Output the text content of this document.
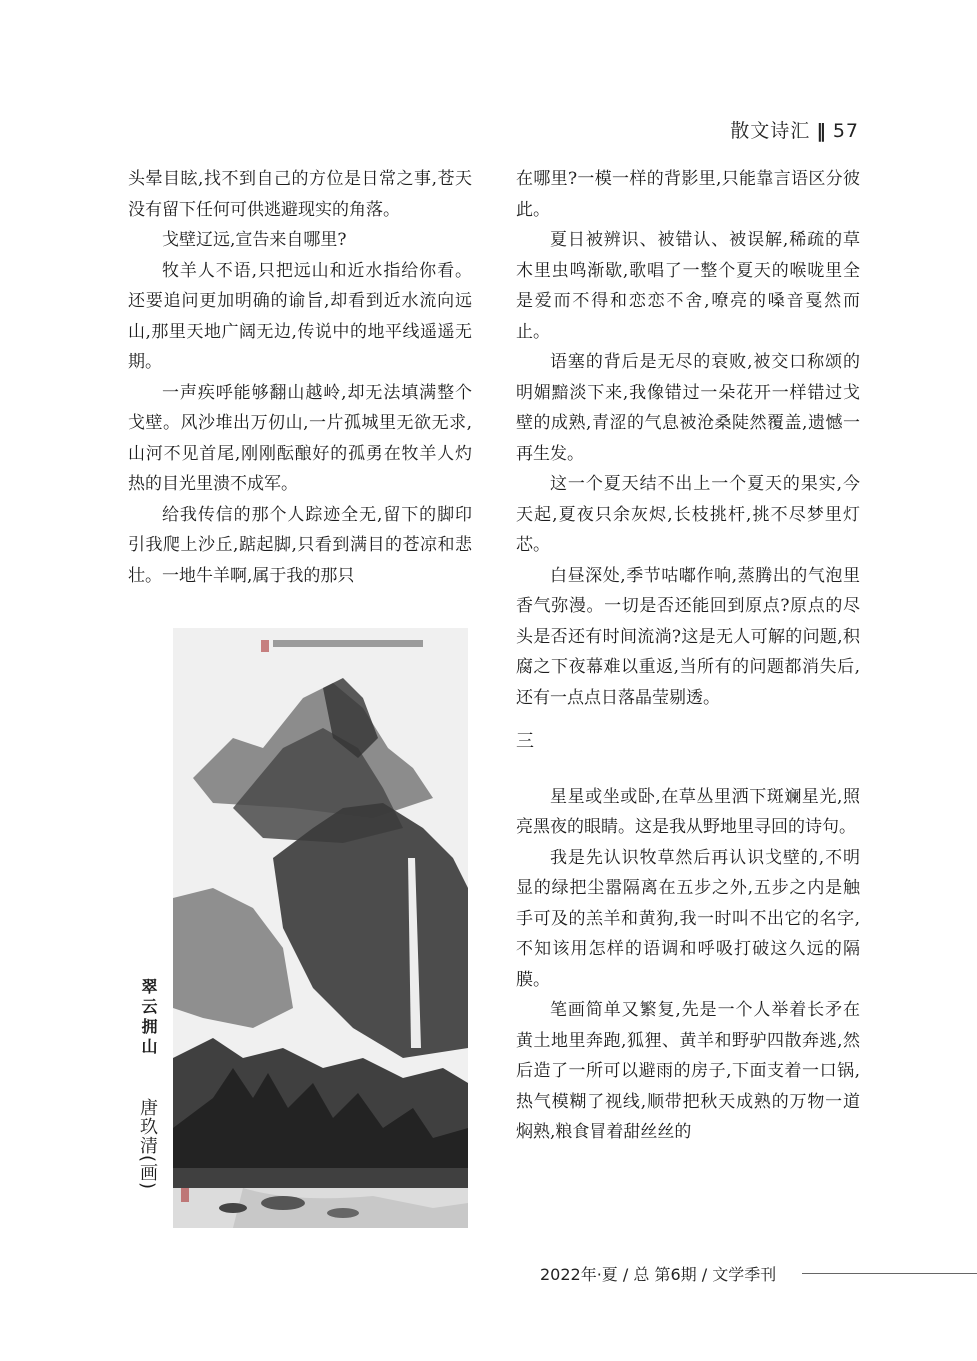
散文诗汇 ‖ 57

头晕目眩,找不到自己的方位是日常之事,苍天没有留下任何可供逃避现实的角落。

戈壁辽远,宣告来自哪里?

牧羊人不语,只把远山和近水指给你看。还要追问更加明确的谕旨,却看到近水流向远山,那里天地广阔无边,传说中的地平线遥遥无期。

一声疾呼能够翻山越岭,却无法填满整个戈壁。风沙堆出万仞山,一片孤城里无欲无求,山河不见首尾,刚刚酝酿好的孤勇在牧羊人灼热的目光里溃不成军。

给我传信的那个人踪迹全无,留下的脚印引我爬上沙丘,踮起脚,只看到满目的苍凉和悲壮。一地牛羊啊,属于我的那只

在哪里?一模一样的背影里,只能靠言语区分彼此。

夏日被辨识、被错认、被误解,稀疏的草木里虫鸣渐歇,歌唱了一整个夏天的喉咙里全是爱而不得和恋恋不舍,嘹亮的嗓音戛然而止。

语塞的背后是无尽的衰败,被交口称颂的明媚黯淡下来,我像错过一朵花开一样错过戈壁的成熟,青涩的气息被沧桑陡然覆盖,遗憾一再生发。

这一个夏天结不出上一个夏天的果实,今天起,夏夜只余灰烬,长枝挑杆,挑不尽梦里灯芯。

白昼深处,季节咕嘟作响,蒸腾出的气泡里香气弥漫。一切是否还能回到原点?原点的尽头是否还有时间流淌?这是无人可解的问题,积腐之下夜幕难以重返,当所有的问题都消失后,还有一点点日落晶莹剔透。

三

星星或坐或卧,在草丛里洒下斑斓星光,照亮黑夜的眼睛。这是我从野地里寻回的诗句。

我是先认识牧草然后再认识戈壁的,不明显的绿把尘嚣隔离在五步之外,五步之内是触手可及的羔羊和黄狗,我一时叫不出它的名字,不知该用怎样的语调和呼吸打破这久远的隔膜。

笔画简单又繁复,先是一个人举着长矛在黄土地里奔跑,狐狸、黄羊和野驴四散奔逃,然后造了一所可以避雨的房子,下面支着一口锅,热气模糊了视线,顺带把秋天成熟的万物一道焖熟,粮食冒着甜丝丝的

翠云拥山
唐玖清(画)
2022年·夏 / 总 第6期 / 文学季刊
